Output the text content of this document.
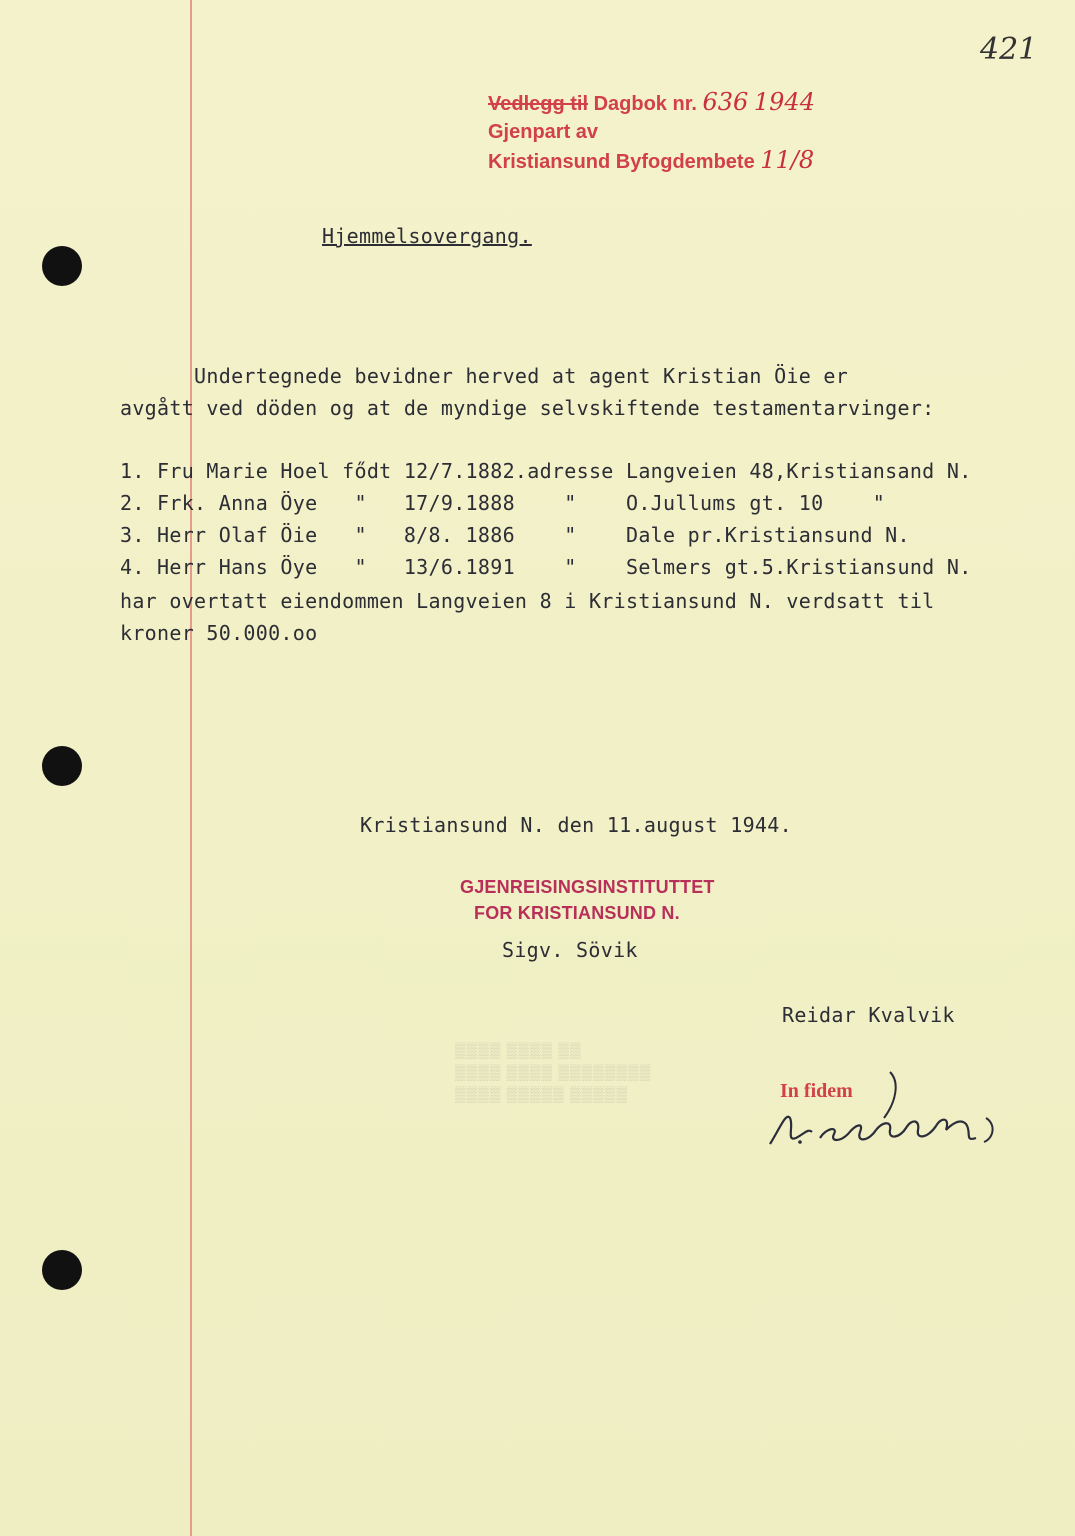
421
Vedlegg til Dagbok nr. 636 1944
Gjenpart av
Kristiansund Byfogdembete 11/8
Hjemmelsovergang.
Undertegnede bevidner herved at agent Kristian Öie er
avgått ved döden og at de myndige selvskiftende testamentarvinger:
1. Fru Marie Hoel fődt 12/7.1882.adresse Langveien 48,Kristiansand N.
2. Frk. Anna Öye   "   17/9.1888    "    O.Jullums gt. 10    "
3. Herr Olaf Öie   "   8/8. 1886    "    Dale pr.Kristiansund N.
4. Herr Hans Öye   "   13/6.1891    "    Selmers gt.5.Kristiansund N.
har overtatt eiendommen Langveien 8 i Kristiansund N. verdsatt til
kroner 50.000.oo
Kristiansund N. den 11.august 1944.
GJENREISINGSINSTITUTTET
FOR KRISTIANSUND N.
Sigv. Sövik
Reidar Kvalvik
▒▒▒▒ ▒▒▒▒ ▒▒
▒▒▒▒ ▒▒▒▒ ▒▒▒▒▒▒▒▒
▒▒▒▒ ▒▒▒▒▒ ▒▒▒▒▒	In fidem
